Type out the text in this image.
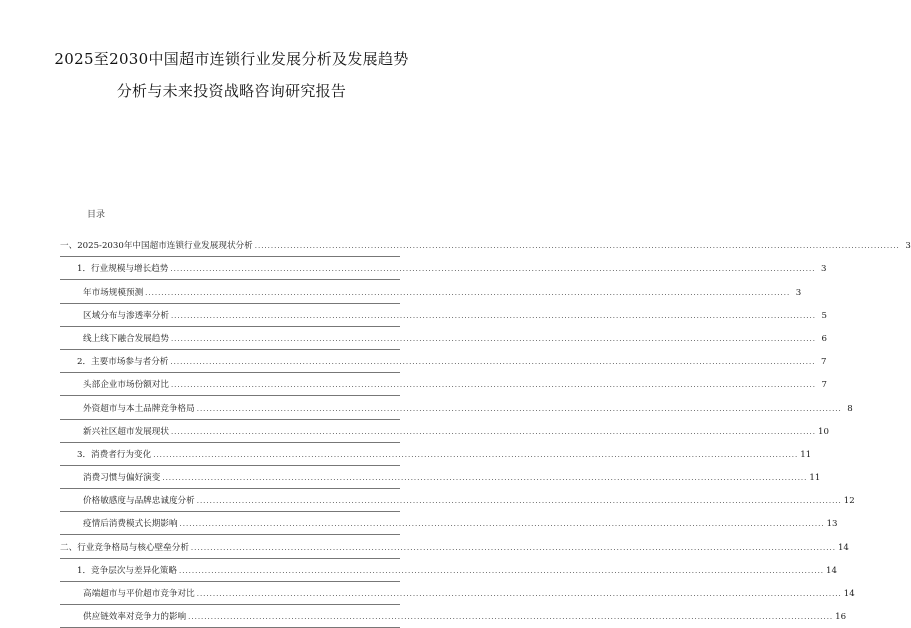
2025至2030中国超市连锁行业发展分析及发展趋势
分析与未来投资战略咨询研究报告
目录
一、2025-2030年中国超市连锁行业发展现状分析 ........................................................................................................................................................................................................ 3
1．行业规模与增长趋势 ........................................................................................................................................................................................................ 3
年市场规模预测 ........................................................................................................................................................................................................ 3
区域分布与渗透率分析 ........................................................................................................................................................................................................ 5
线上线下融合发展趋势 ........................................................................................................................................................................................................ 6
2．主要市场参与者分析 ........................................................................................................................................................................................................ 7
头部企业市场份额对比 ........................................................................................................................................................................................................ 7
外资超市与本土品牌竞争格局 ........................................................................................................................................................................................................ 8
新兴社区超市发展现状 ........................................................................................................................................................................................................ 10
3．消费者行为变化 ........................................................................................................................................................................................................ 11
消费习惯与偏好演变 ........................................................................................................................................................................................................ 11
价格敏感度与品牌忠诚度分析 ........................................................................................................................................................................................................ 12
疫情后消费模式长期影响 ........................................................................................................................................................................................................ 13
二、行业竞争格局与核心壁垒分析 ........................................................................................................................................................................................................ 14
1．竞争层次与差异化策略 ........................................................................................................................................................................................................ 14
高端超市与平价超市竞争对比 ........................................................................................................................................................................................................ 14
供应链效率对竞争力的影响 ........................................................................................................................................................................................................ 16
